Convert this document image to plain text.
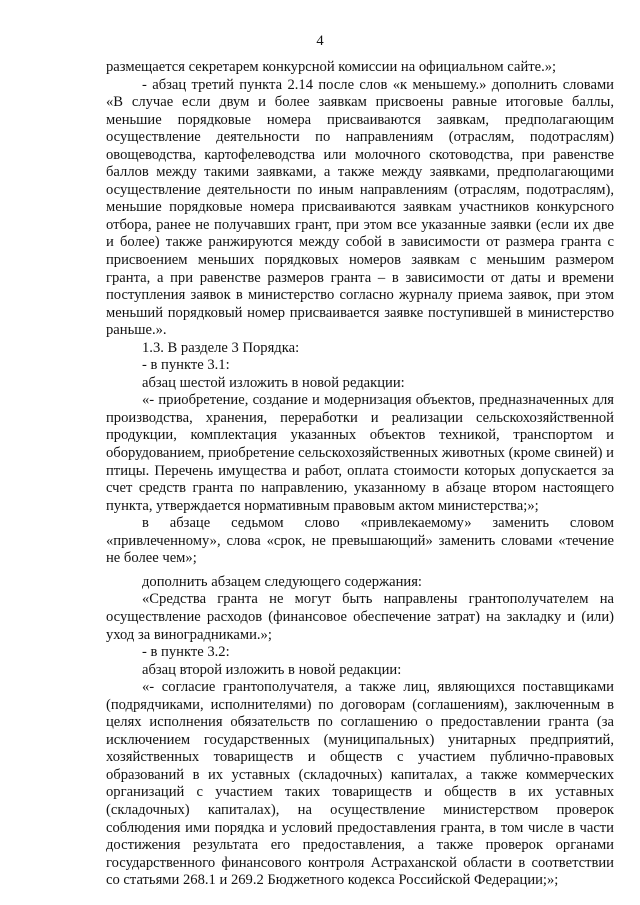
4

размещается секретарем конкурсной комиссии на официальном сайте.»;

- абзац третий пункта 2.14 после слов «к меньшему.» дополнить словами «В случае если двум и более заявкам присвоены равные итоговые баллы, меньшие порядковые номера присваиваются заявкам, предполагающим осуществление деятельности по направлениям (отраслям, подотраслям) овощеводства, картофелеводства или молочного скотоводства, при равенстве баллов между такими заявками, а также между заявками, предполагающими осуществление деятельности по иным направлениям (отраслям, подотраслям), меньшие порядковые номера присваиваются заявкам участников конкурсного отбора, ранее не получавших грант, при этом все указанные заявки (если их две и более) также ранжируются между собой в зависимости от размера гранта с присвоением меньших порядковых номеров заявкам с меньшим размером гранта, а при равенстве размеров гранта – в зависимости от даты и времени поступления заявок в министерство согласно журналу приема заявок, при этом меньший порядковый номер присваивается заявке поступившей в министерство раньше.».

1.3. В разделе 3 Порядка:

- в пункте 3.1:

абзац шестой изложить в новой редакции:

«- приобретение, создание и модернизация объектов, предназначенных для производства, хранения, переработки и реализации сельскохозяйственной продукции, комплектация указанных объектов техникой, транспортом и оборудованием, приобретение сельскохозяйственных животных (кроме свиней) и птицы. Перечень имущества и работ, оплата стоимости которых допускается за счет средств гранта по направлению, указанному в абзаце втором настоящего пункта, утверждается нормативным правовым актом министерства;»;

в абзаце седьмом слово «привлекаемому» заменить словом «привлеченному», слова «срок, не превышающий» заменить словами «течение не более чем»;

дополнить абзацем следующего содержания:

«Средства гранта не могут быть направлены грантополучателем на осуществление расходов (финансовое обеспечение затрат) на закладку и (или) уход за виноградниками.»;

- в пункте 3.2:

абзац второй изложить в новой редакции:

«- согласие грантополучателя, а также лиц, являющихся поставщиками (подрядчиками, исполнителями) по договорам (соглашениям), заключенным в целях исполнения обязательств по соглашению о предоставлении гранта (за исключением государственных (муниципальных) унитарных предприятий, хозяйственных товариществ и обществ с участием публично-правовых образований в их уставных (складочных) капиталах, а также коммерческих организаций с участием таких товариществ и обществ в их уставных (складочных) капиталах), на осуществление министерством проверок соблюдения ими порядка и условий предоставления гранта, в том числе в части достижения результата его предоставления, а также проверок органами государственного финансового контроля Астраханской области в соответствии со статьями 268.1 и 269.2 Бюджетного кодекса Российской Федерации;»;
